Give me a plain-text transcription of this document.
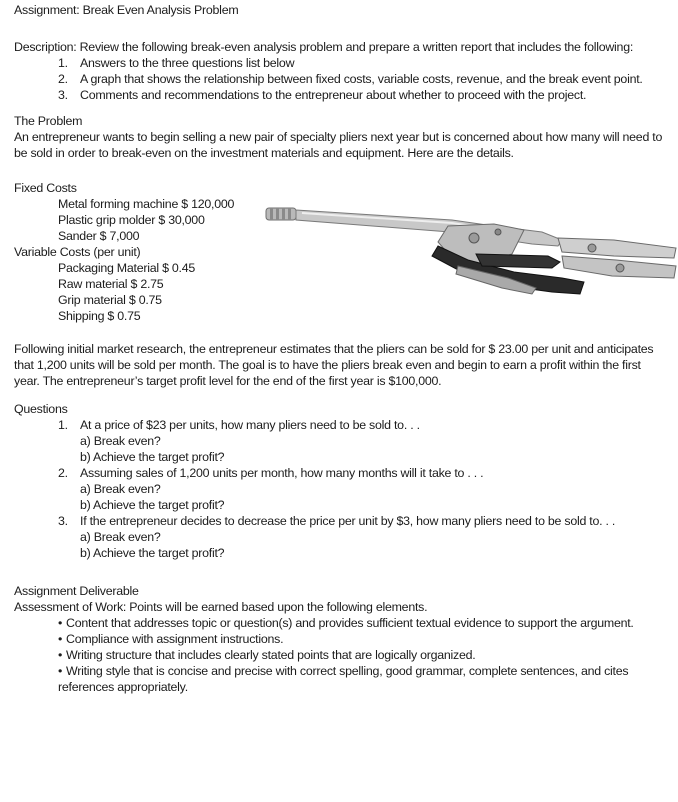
Assignment: Break Even Analysis Problem
Description: Review the following break-even analysis problem and prepare a written report that includes the following:
1. Answers to the three questions list below
2. A graph that shows the relationship between fixed costs, variable costs, revenue, and the break event point.
3. Comments and recommendations to the entrepreneur about whether to proceed with the project.
The Problem
An entrepreneur wants to begin selling a new pair of specialty pliers next year but is concerned about how many will need to
be sold in order to break-even on the investment materials and equipment. Here are the details.
Fixed Costs
Metal forming machine $ 120,000
Plastic grip molder $ 30,000
Sander $ 7,000
Variable Costs (per unit)
Packaging Material $ 0.45
Raw material $ 2.75
Grip material $ 0.75
Shipping $ 0.75
Following initial market research, the entrepreneur estimates that the pliers can be sold for $ 23.00 per unit and anticipates
that 1,200 units will be sold per month. The goal is to have the pliers break even and begin to earn a profit within the first
year. The entrepreneur’s target profit level for the end of the first year is $100,000.
Questions
1. At a price of $23 per units, how many pliers need to be sold to. . .
a) Break even?
b) Achieve the target profit?
2. Assuming sales of 1,200 units per month, how many months will it take to . . .
a) Break even?
b) Achieve the target profit?
3. If the entrepreneur decides to decrease the price per unit by $3, how many pliers need to be sold to. . .
a) Break even?
b) Achieve the target profit?
Assignment Deliverable
Assessment of Work: Points will be earned based upon the following elements.
• Content that addresses topic or question(s) and provides sufficient textual evidence to support the argument.
• Compliance with assignment instructions.
• Writing structure that includes clearly stated points that are logically organized.
• Writing style that is concise and precise with correct spelling, good grammar, complete sentences, and cites references appropriately.
